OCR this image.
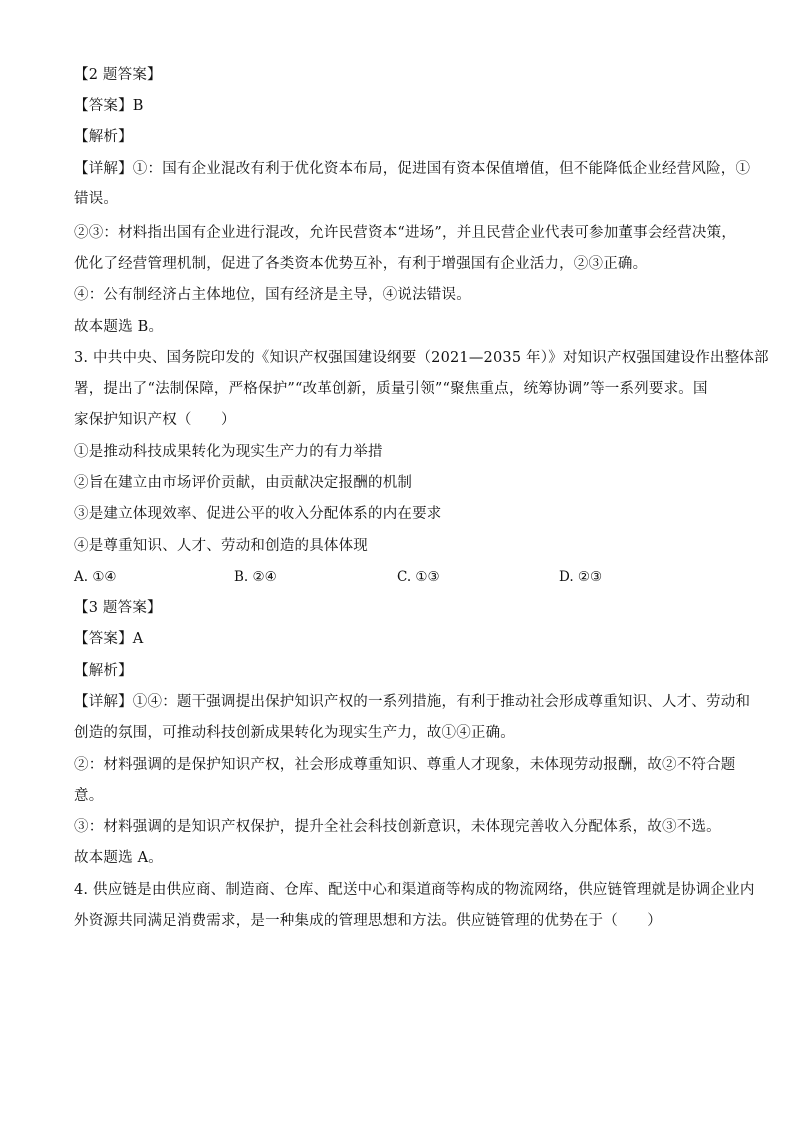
【2 题答案】
【答案】B
【解析】
【详解】①：国有企业混改有利于优化资本布局，促进国有资本保值增值，但不能降低企业经营风险，①
错误。
②③：材料指出国有企业进行混改，允许民营资本“进场”，并且民营企业代表可参加董事会经营决策，
优化了经营管理机制，促进了各类资本优势互补，有利于增强国有企业活力，②③正确。
④：公有制经济占主体地位，国有经济是主导，④说法错误。
故本题选 B。
3. 中共中央、国务院印发的《知识产权强国建设纲要（2021—2035 年）》对知识产权强国建设作出整体部
署，提出了“法制保障，严格保护”“改革创新，质量引领”“聚焦重点，统筹协调”等一系列要求。国
家保护知识产权（　　）
①是推动科技成果转化为现实生产力的有力举措
②旨在建立由市场评价贡献，由贡献决定报酬的机制
③是建立体现效率、促进公平的收入分配体系的内在要求
④是尊重知识、人才、劳动和创造的具体体现
A. ①④	B. ②④	C. ①③	D. ②③
【3 题答案】
【答案】A
【解析】
【详解】①④：题干强调提出保护知识产权的一系列措施，有利于推动社会形成尊重知识、人才、劳动和
创造的氛围，可推动科技创新成果转化为现实生产力，故①④正确。
②：材料强调的是保护知识产权，社会形成尊重知识、尊重人才现象，未体现劳动报酬，故②不符合题
意。
③：材料强调的是知识产权保护，提升全社会科技创新意识，未体现完善收入分配体系，故③不选。
故本题选 A。
4. 供应链是由供应商、制造商、仓库、配送中心和渠道商等构成的物流网络，供应链管理就是协调企业内
外资源共同满足消费需求，是一种集成的管理思想和方法。供应链管理的优势在于（　　）
